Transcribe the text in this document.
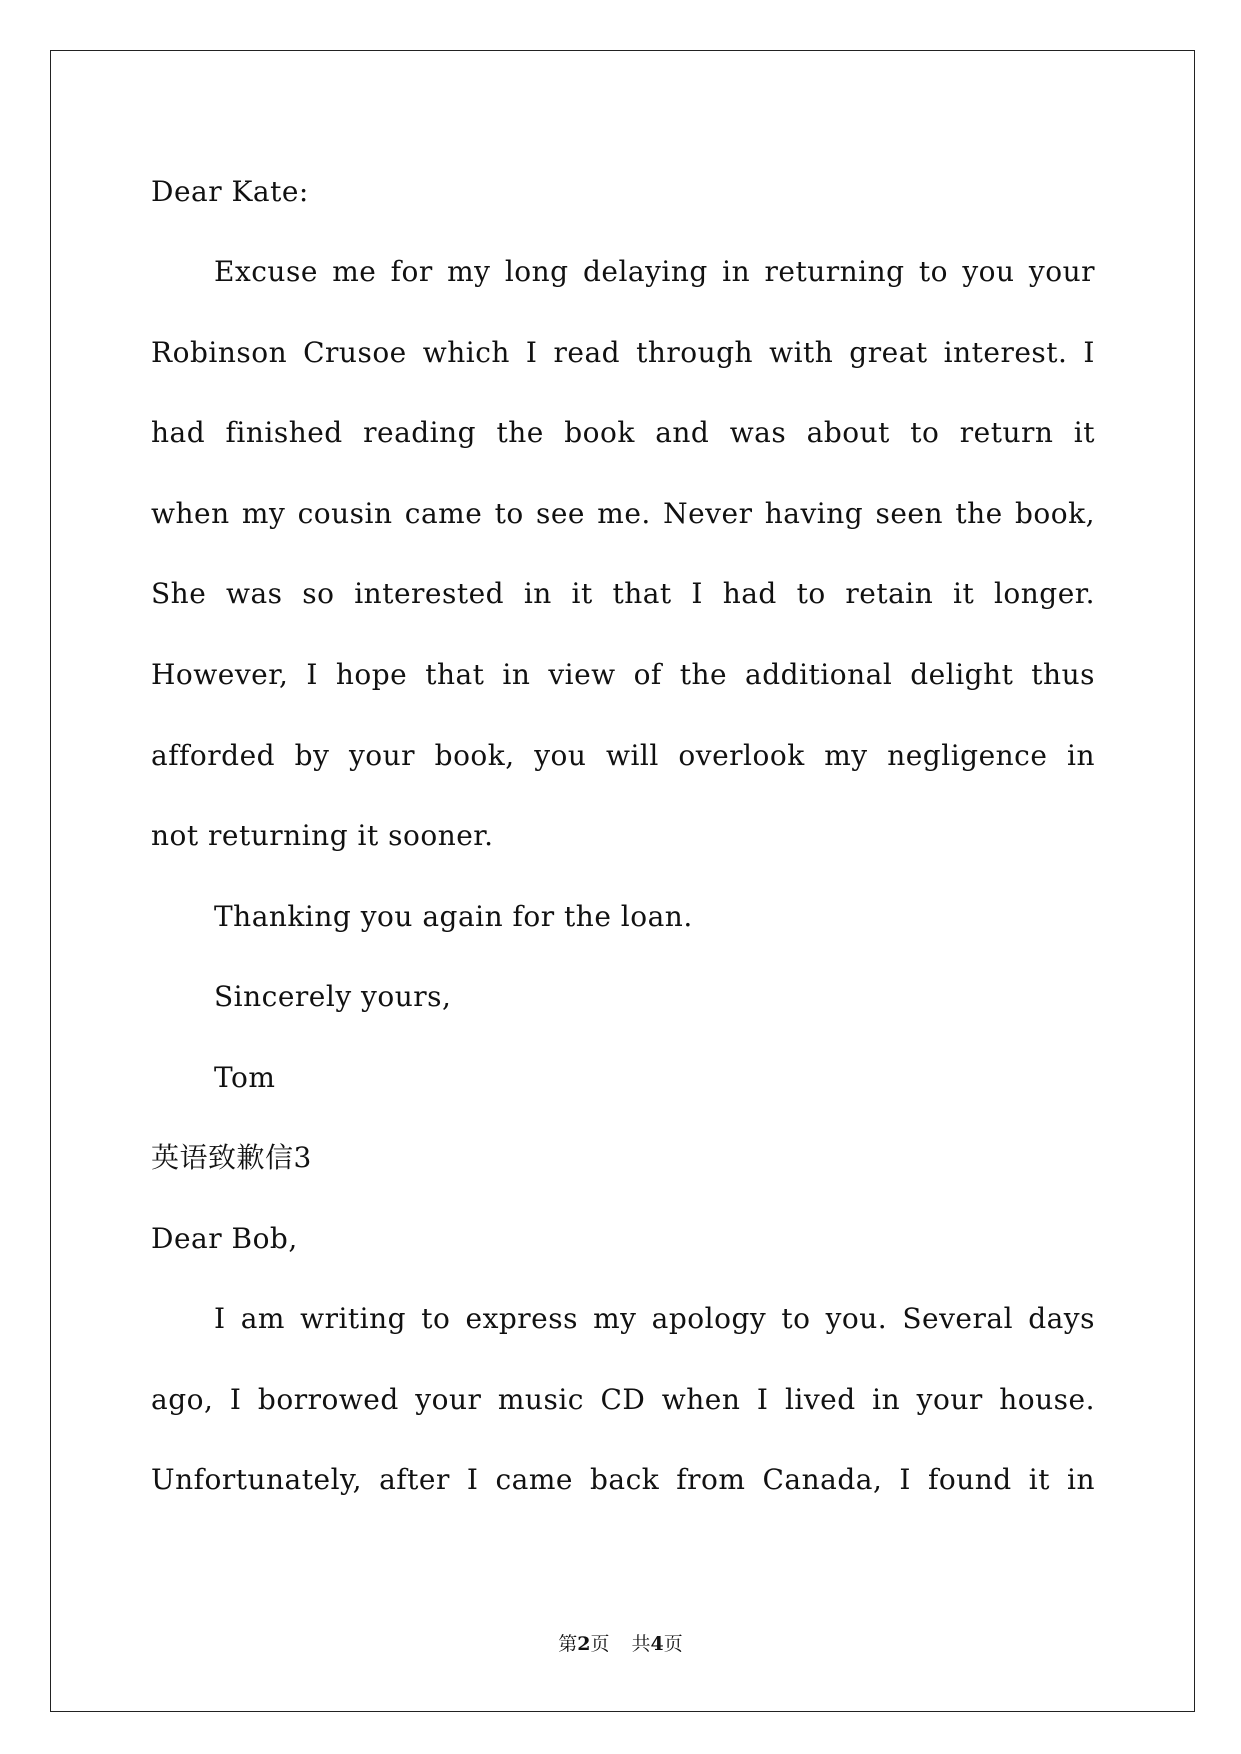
Dear Kate:
Excuse me for my long delaying in returning to you your
Robinson Crusoe which I read through with great interest. I
had finished reading the book and was about to return it
when my cousin came to see me. Never having seen the book,
She was so interested in it that I had to retain it longer.
However, I hope that in view of the additional delight thus
afforded by your book, you will overlook my negligence in
not returning it sooner.
Thanking you again for the loan.
Sincerely yours,
Tom
英语致歉信3
Dear Bob,
I am writing to express my apology to you. Several days
ago, I borrowed your music CD when I lived in your house.
Unfortunately, after I came back from Canada, I found it in
第2页 共4页
